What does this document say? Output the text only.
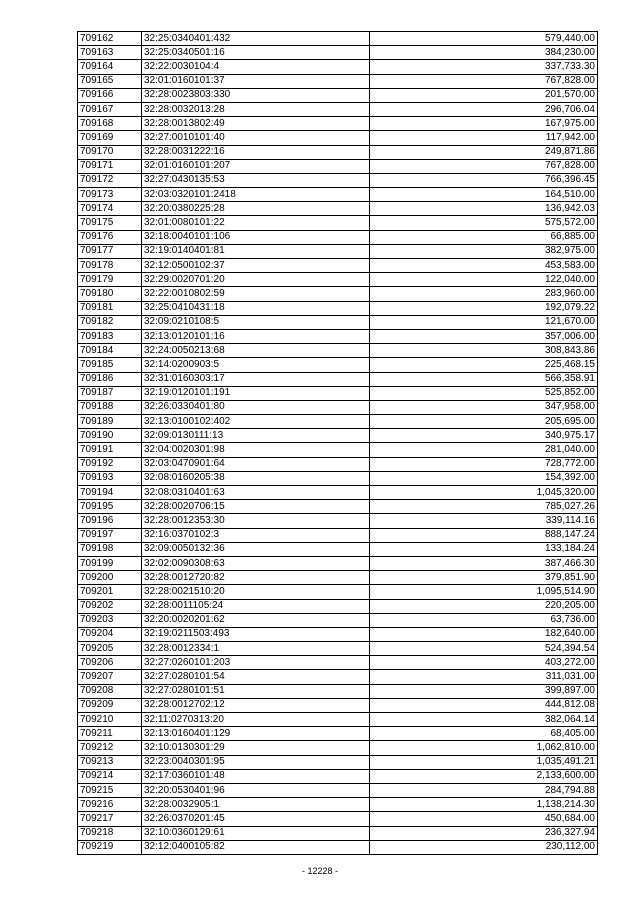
709162	32:25:0340401:432	579,440.00
709163	32:25:0340501:16	384,230.00
709164	32:22:0030104:4	337,733.30
709165	32:01:0160101:37	767,828.00
709166	32:28:0023803:330	201,570.00
709167	32:28:0032013:28	296,706.04
709168	32:28:0013802:49	167,975.00
709169	32:27:0010101:40	117,942.00
709170	32:28:0031222:16	249,871.86
709171	32:01:0160101:207	767,828.00
709172	32:27:0430135:53	766,396.45
709173	32:03:0320101:2418	164,510.00
709174	32:20:0380225:28	136,942.03
709175	32:01:0080101:22	575,572.00
709176	32:18:0040101:106	66,885.00
709177	32:19:0140401:81	382,975.00
709178	32:12:0500102:37	453,583.00
709179	32:29:0020701:20	122,040.00
709180	32:22:0010802:59	283,960.00
709181	32:25:0410431:18	192,079.22
709182	32:09:0210108:5	121,670.00
709183	32:13:0120101:16	357,006.00
709184	32:24:0050213:68	308,843.86
709185	32:14:0200903:5	225,468.15
709186	32:31:0160303:17	566,358.91
709187	32:19:0120101:191	525,852.00
709188	32:26:0330401:80	347,958.00
709189	32:13:0100102:402	205,695.00
709190	32:09:0130111:13	340,975.17
709191	32:04:0020301:98	281,040.00
709192	32:03:0470901:64	728,772.00
709193	32:08:0160205:38	154,392.00
709194	32:08:0310401:63	1,045,320.00
709195	32:28:0020706:15	785,027.26
709196	32:28:0012353:30	339,114.16
709197	32:16:0370102:3	888,147.24
709198	32:09:0050132:36	133,184.24
709199	32:02:0090308:63	387,466.30
709200	32:28:0012720:82	379,851.90
709201	32:28:0021510:20	1,095,514.90
709202	32:28:0011105:24	220,205.00
709203	32:20:0020201:62	63,736.00
709204	32:19:0211503:493	182,640.00
709205	32:28:0012334:1	524,394.54
709206	32:27:0260101:203	403,272.00
709207	32:27:0280101:54	311,031.00
709208	32:27:0280101:51	399,897.00
709209	32:28:0012702:12	444,812.08
709210	32:11:0270313:20	382,064.14
709211	32:13:0160401:129	68,405.00
709212	32:10:0130301:29	1,062,810.00
709213	32:23:0040301:95	1,035,491.21
709214	32:17:0360101:48	2,133,600.00
709215	32:20:0530401:96	284,794.88
709216	32:28:0032905:1	1,138,214.30
709217	32:26:0370201:45	450,684.00
709218	32:10:0360129:61	236,327.94
709219	32:12:0400105:82	230,112.00
- 12228 -
